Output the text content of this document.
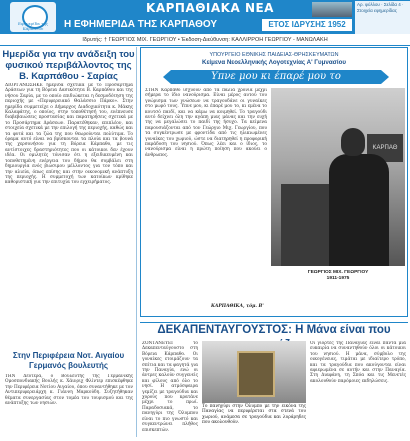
Εφημερίδα της Κάρπαθου
ΚΑΡΠΑΘΙΑΚΑ ΝΕΑ
Η ΕΦΗΜΕΡΙΔΑ ΤΗΣ ΚΑΡΠΑΘΟΥ	ΕΤΟΣ ΙΔΡΥΣΗΣ 1952
Αρ. φύλλου · Σελίδα 4 · Στοιχεία εφημερίδας
Ιδρυτής: † ΓΕΩΡΓΙΟΣ ΜΙΧ. ΓΕΩΡΓΙΟΥ • Έκδοση-Διεύθυνση: ΚΑΛΛΙΡΡΟΗ ΓΕΩΡΓΙΟΥ - ΜΑΝΩΛΑΚΗ
Ημερίδα για την ανάδειξη του φυσικού περιβάλλοντος της Β. Καρπάθου - Σαρίας
ΔΙΟΡΓΑΝΩΣΗΚΕ ημερίδα σχετικά με το Προσάρτημα Δράσεων για τη Βόρεια Δασικότητα Β. Καρπάθου και της νήσου Σαρία, με το οποίο επιδιώκεται η δεσμοδότηση της περιοχής με «Περιφερειακό Θαλάσσιο Πάρκο». Στην ημερίδα συμμετείχε ο Δήμαρχος Διαδοχικότητα κ. Μάκης Καλαφάτης, ο οποίος, στην τοποθέτησή του, ενέπνευσε διαβεβαιώσεις προστασίας και παρατηρήσεις σχετικά με το Προσάρτημα Δράσεων. Παρατέθηκαν, επιπλέον, και στοιχεία σχετικά με την επιλογή της περιοχής, καθώς και τα φυτά και τα ζώα της που θεωρούνται πολύτιμα. Το όραμα αυτό είναι να βρίσκονται τα πλοία και τα βουνά της χερσονήσου για τη Βόρεια Κάρπαθο, με τις αντίστοιχες δραστηριότητες που οι κάτοικοι δεν έχουν ιδέα. Οι ομιλητές τόνισαν ότι η εξειδικευμένη και τοποθετημένη ενέργεια του δήμου θα συμβάλει στη δημιουργία ενός βιώσιμου μέλλοντος για τον τόπο και την αλιεία, όπως επίσης και στην οικονομική ανάπτυξη της περιοχής. Η συμμετοχή των κατοίκων κρίθηκε καθοριστική για την επιτυχία του εγχειρήματος.
Στην Περιφέρεια Νοτ. Αιγαίου Γερμανός βουλευτής
ΤΗΝ Δευτέρα, ο Βουλευτής της Γερμανικής Ομοσπονδιακής Βουλής κ. Χάινριχ Φλίντερ επισκέφθηκε την Περιφέρεια Νοτίου Αιγαίου, όπου συναντήθηκε με τον Αντιπεριφερειάρχη κ. Γιάννη Μαρκούδη. Συζητήθηκαν θέματα συνεργασίας στον τομέα του τουρισμού και της ανάπτυξης των νησιών.
ΥΠΟΥΡΓΕΙΟ ΕΘΝΙΚΗΣ ΠΑΙΔΕΙΑΣ-ΘΡΗΣΚΕΥΜΑΤΩΝ
Κείμενα Νεοελληνικής Λογοτεχνίας Α' Γυμνασίου
Υπνε μου κι έπαρέ μου το
ΣΤΗΝ Κάρπαθο ισχύουν από τα παλιά χρόνια μέχρι σήμερα το ίδιο νανούρισμα. Είναι μέρος αυτού του γνώρισμα των γνώσεων να τραγουδάνε οι γυναίκες στο μωρό τους. Ύπνε μου, κι έπαρέ μου το, κι εμένα το κουτσό παιδί, και να κάμω να κοιμηθεί. Το τραγούδι αυτό δείχνει όλη την αγάπη μιας μάνας και την ευχή της να μεγαλώσει το παιδί της ήσυχο. Τα κείμενα παρουσιάζονται από τον Γεώργιο Μιχ. Γεωργίου, που τα συγκέντρωσε με φροντίδα από τις ηλικιωμένες γυναίκες του χωριού, ώστε να διατηρηθεί η προφορική παράδοση του νησιού. Όπως λέει και ο ίδιος, το νανούρισμα είναι η πρώτη ποίηση που ακούει ο άνθρωπος.
ΚΑΡΠΑΘΙΚΑ, τόμ. Β'
ΚΑΡΠΑΘ
ΓΕΩΡΓΙΟΣ ΜΙΧ. ΓΕΩΡΓΙΟΥ
1911-1975
ΔΕΚΑΠΕΝΤΑΥΓΟΥΣΤΟΣ: Η Μάνα είναι που
ΖΟΝΤΑΝΕΥΕΙ το Δεκαπενταύγουστο στη Βόρεια Κάρπαθο. Οι γυναίκες ετοιμάζουν τα σπίτια και τα φαγητά για την Παναγία, ενώ οι άντρες καλούν συγγενείς και φίλους από όλο το νησί. Η ατμόσφαιρα γεμίζει με τραγούδια και χορούς που κρατάνε μέχρι το πρωί. Παραδοσιακά, το πανηγύρι της Όλυμπου είναι το πιο γνωστό και συγκεντρώνει πλήθος επισκεπτών.
Το πανηγύρι στην Όλυμπο με την εικόνα της Παναγίας να περιφέρεται στα στενά του χωριού, ανάμεσα σε τραγούδια και λυράρηδες που ακολουθούν.
Οι γιορτές της Παναγίας είναι πάντα μια ευκαιρία να συναντηθούν όλοι οι κάτοικοι του νησιού. Η μάνα, σύμβολο της οικογένειας, τιμάται με ιδιαίτερο τρόπο, και τα τραγούδια που ακούγονται είναι αφιερωμένα σε αυτήν και στην Παναγία. Στη Διαφάνη, τη Σπόα και τις Μενετές ακολουθούν παρόμοιες εκδηλώσεις.
